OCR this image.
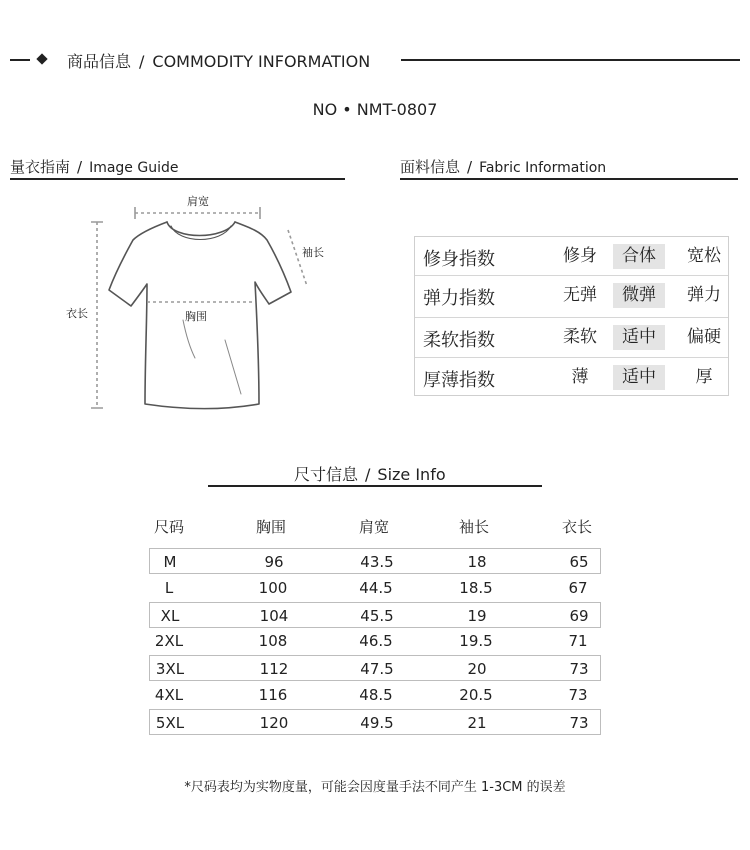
商品信息 / COMMODITY INFORMATION
NO • NMT-0807
量衣指南 / Image Guide
肩宽
袖长
衣长	胸围
面料信息 / Fabric Information
修身指数	修身	合体	宽松
弹力指数	无弹	微弹	弹力
柔软指数	柔软	适中	偏硬
厚薄指数	薄	适中	厚
尺寸信息 / Size Info
尺码	胸围	肩宽	袖长	衣长
M	96	43.5	18	65
L	100	44.5	18.5	67
XL	104	45.5	19	69
2XL	108	46.5	19.5	71
3XL	112	47.5	20	73
4XL	116	48.5	20.5	73
5XL	120	49.5	21	73
*尺码表均为实物度量，可能会因度量手法不同产生 1-3CM 的误差
